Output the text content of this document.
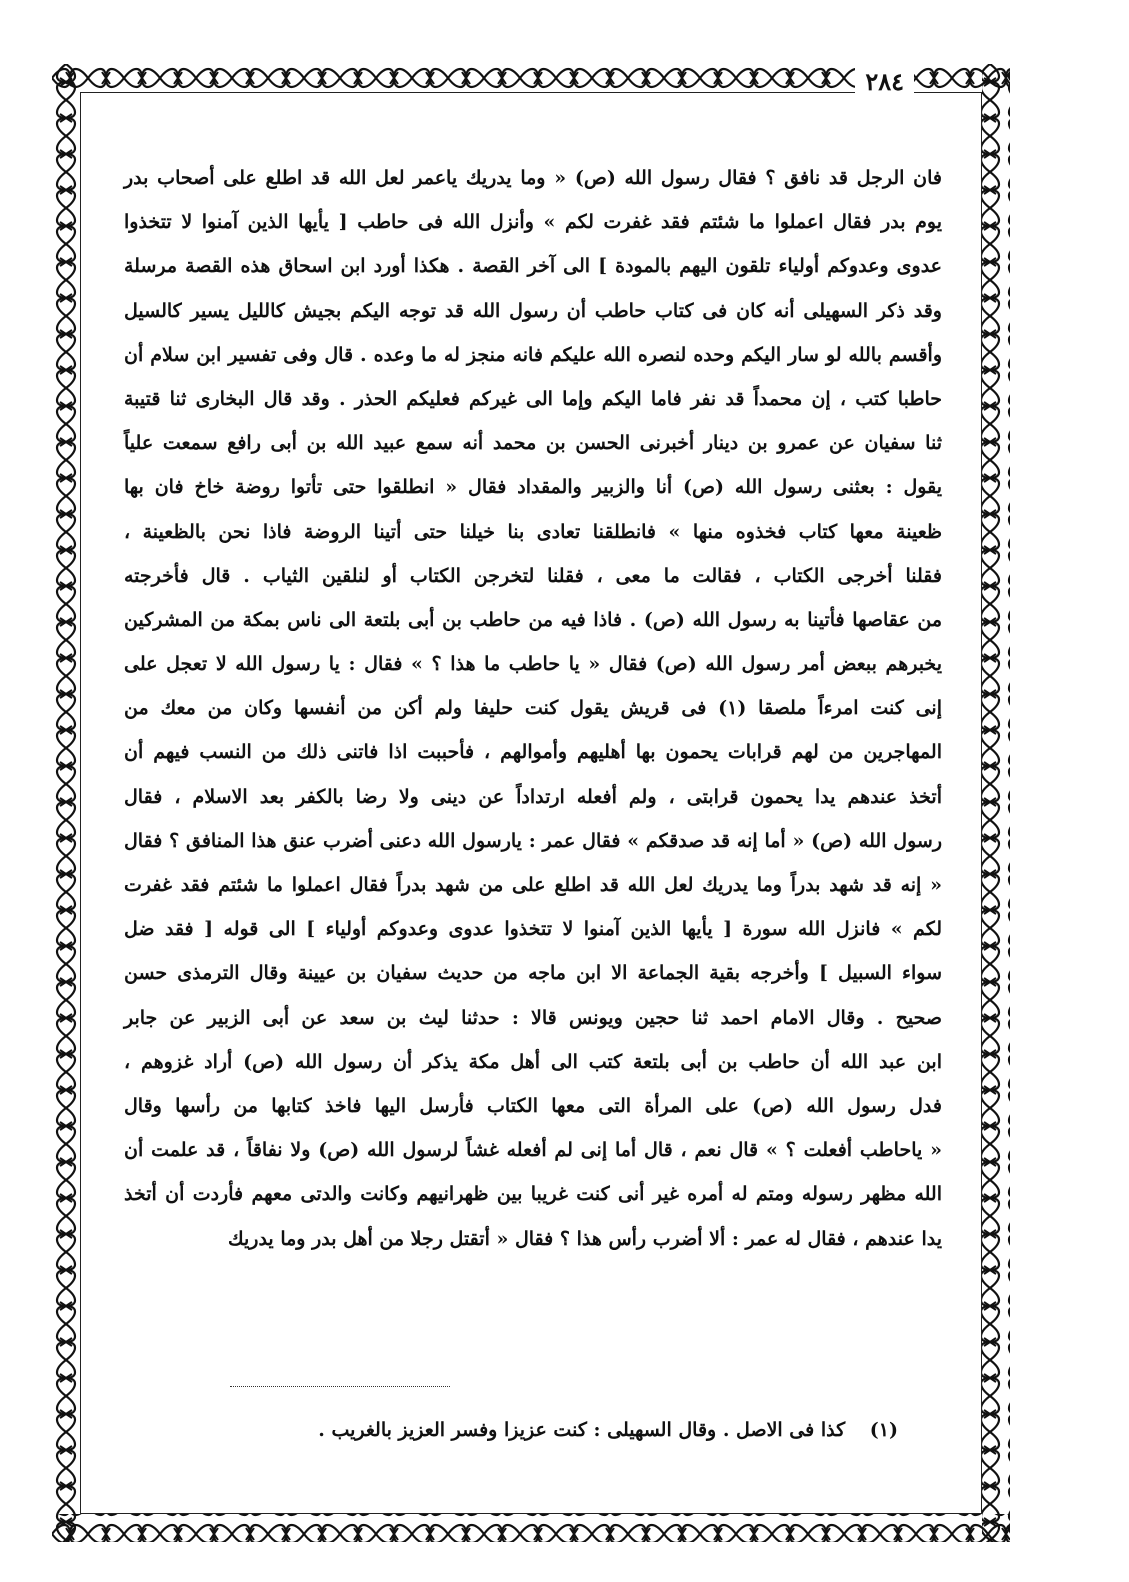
٢٨٤
فان الرجل قد نافق ؟ فقال رسول الله (ص) « وما يدريك ياعمر لعل الله قد اطلع على أصحاب بدر
يوم بدر فقال اعملوا ما شئتم فقد غفرت لكم » وأنزل الله فى حاطب [ يأيها الذين آمنوا لا تتخذوا
عدوى وعدوكم أولياء تلقون اليهم بالمودة ] الى آخر القصة . هكذا أورد ابن اسحاق هذه القصة مرسلة
وقد ذكر السهيلى أنه كان فى كتاب حاطب أن رسول الله قد توجه اليكم بجيش كالليل يسير كالسيل
وأقسم بالله لو سار اليكم وحده لنصره الله عليكم فانه منجز له ما وعده . قال وفى تفسير ابن سلام أن
حاطبا كتب ، إن محمداً قد نفر فاما اليكم وإما الى غيركم فعليكم الحذر . وقد قال البخارى ثنا قتيبة
ثنا سفيان عن عمرو بن دينار أخبرنى الحسن بن محمد أنه سمع عبيد الله بن أبى رافع سمعت علياً
يقول : بعثنى رسول الله (ص) أنا والزبير والمقداد فقال « انطلقوا حتى تأتوا روضة خاخ فان بها
ظعينة معها كتاب فخذوه منها » فانطلقنا تعادى بنا خيلنا حتى أتينا الروضة فاذا نحن بالظعينة ،
فقلنا أخرجى الكتاب ، فقالت ما معى ، فقلنا لتخرجن الكتاب أو لنلقين الثياب . قال فأخرجته
من عقاصها فأتينا به رسول الله (ص) . فاذا فيه من حاطب بن أبى بلتعة الى ناس بمكة من المشركين
يخبرهم ببعض أمر رسول الله (ص) فقال « يا حاطب ما هذا ؟ » فقال : يا رسول الله لا تعجل على
إنى كنت امرءاً ملصقا (١) فى قريش يقول كنت حليفا ولم أكن من أنفسها وكان من معك من
المهاجرين من لهم قرابات يحمون بها أهليهم وأموالهم ، فأحببت اذا فاتنى ذلك من النسب فيهم أن
أتخذ عندهم يدا يحمون قرابتى ، ولم أفعله ارتداداً عن دينى ولا رضا بالكفر بعد الاسلام ، فقال
رسول الله (ص) « أما إنه قد صدقكم » فقال عمر : يارسول الله دعنى أضرب عنق هذا المنافق ؟ فقال
« إنه قد شهد بدراً وما يدريك لعل الله قد اطلع على من شهد بدراً فقال اعملوا ما شئتم فقد غفرت
لكم » فانزل الله سورة [ يأيها الذين آمنوا لا تتخذوا عدوى وعدوكم أولياء ] الى قوله [ فقد ضل
سواء السبيل ] وأخرجه بقية الجماعة الا ابن ماجه من حديث سفيان بن عيينة وقال الترمذى حسن
صحيح . وقال الامام احمد ثنا حجين ويونس قالا : حدثنا ليث بن سعد عن أبى الزبير عن جابر
ابن عبد الله أن حاطب بن أبى بلتعة كتب الى أهل مكة يذكر أن رسول الله (ص) أراد غزوهم ،
فدل رسول الله (ص) على المرأة التى معها الكتاب فأرسل اليها فاخذ كتابها من رأسها وقال
« ياحاطب أفعلت ؟ » قال نعم ، قال أما إنى لم أفعله غشاً لرسول الله (ص) ولا نفاقاً ، قد علمت أن
الله مظهر رسوله ومتم له أمره غير أنى كنت غريبا بين ظهرانيهم وكانت والدتى معهم فأردت أن أتخذ
يدا عندهم ، فقال له عمر : ألا أضرب رأس هذا ؟ فقال « أتقتل رجلا من أهل بدر وما يدريك
(١) كذا فى الاصل . وقال السهيلى : كنت عزيزا وفسر العزيز بالغريب .
